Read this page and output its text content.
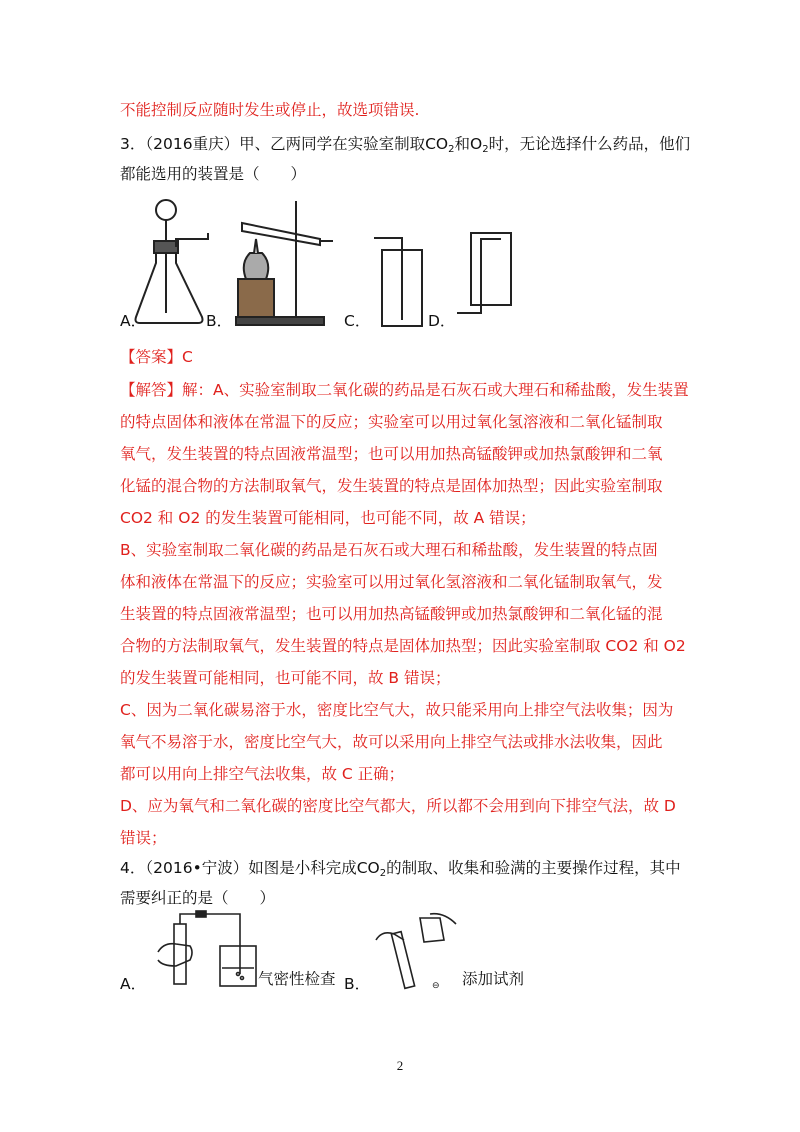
不能控制反应随时发生或停止，故选项错误.
3．（2016重庆）甲、乙两同学在实验室制取$CO_2$和$O_2$时，无论选择什么药品，他们
都能选用的装置是（　　）
A．	B．	C．	D．
【答案】C
【解答】解：A、实验室制取二氧化碳的药品是石灰石或大理石和稀盐酸，发生装置
的特点固体和液体在常温下的反应；实验室可以用过氧化氢溶液和二氧化锰制取
氧气，发生装置的特点固液常温型；也可以用加热高锰酸钾或加热氯酸钾和二氧
化锰的混合物的方法制取氧气，发生装置的特点是固体加热型；因此实验室制取
CO2 和 O2 的发生装置可能相同，也可能不同，故 A 错误；
B、实验室制取二氧化碳的药品是石灰石或大理石和稀盐酸，发生装置的特点固
体和液体在常温下的反应；实验室可以用过氧化氢溶液和二氧化锰制取氧气，发
生装置的特点固液常温型；也可以用加热高锰酸钾或加热氯酸钾和二氧化锰的混
合物的方法制取氧气，发生装置的特点是固体加热型；因此实验室制取 CO2 和 O2
的发生装置可能相同，也可能不同，故 B 错误；
C、因为二氧化碳易溶于水，密度比空气大，故只能采用向上排空气法收集；因为
氧气不易溶于水，密度比空气大，故可以采用向上排空气法或排水法收集，因此
都可以用向上排空气法收集，故 C 正确；
D、应为氧气和二氧化碳的密度比空气都大，所以都不会用到向下排空气法，故 D
错误；
4．（2016•宁波）如图是小科完成$CO_2$的制取、收集和验满的主要操作过程，其中
需要纠正的是（　　）
A．	气密性检查	⊖
B．	添加试剂
2
